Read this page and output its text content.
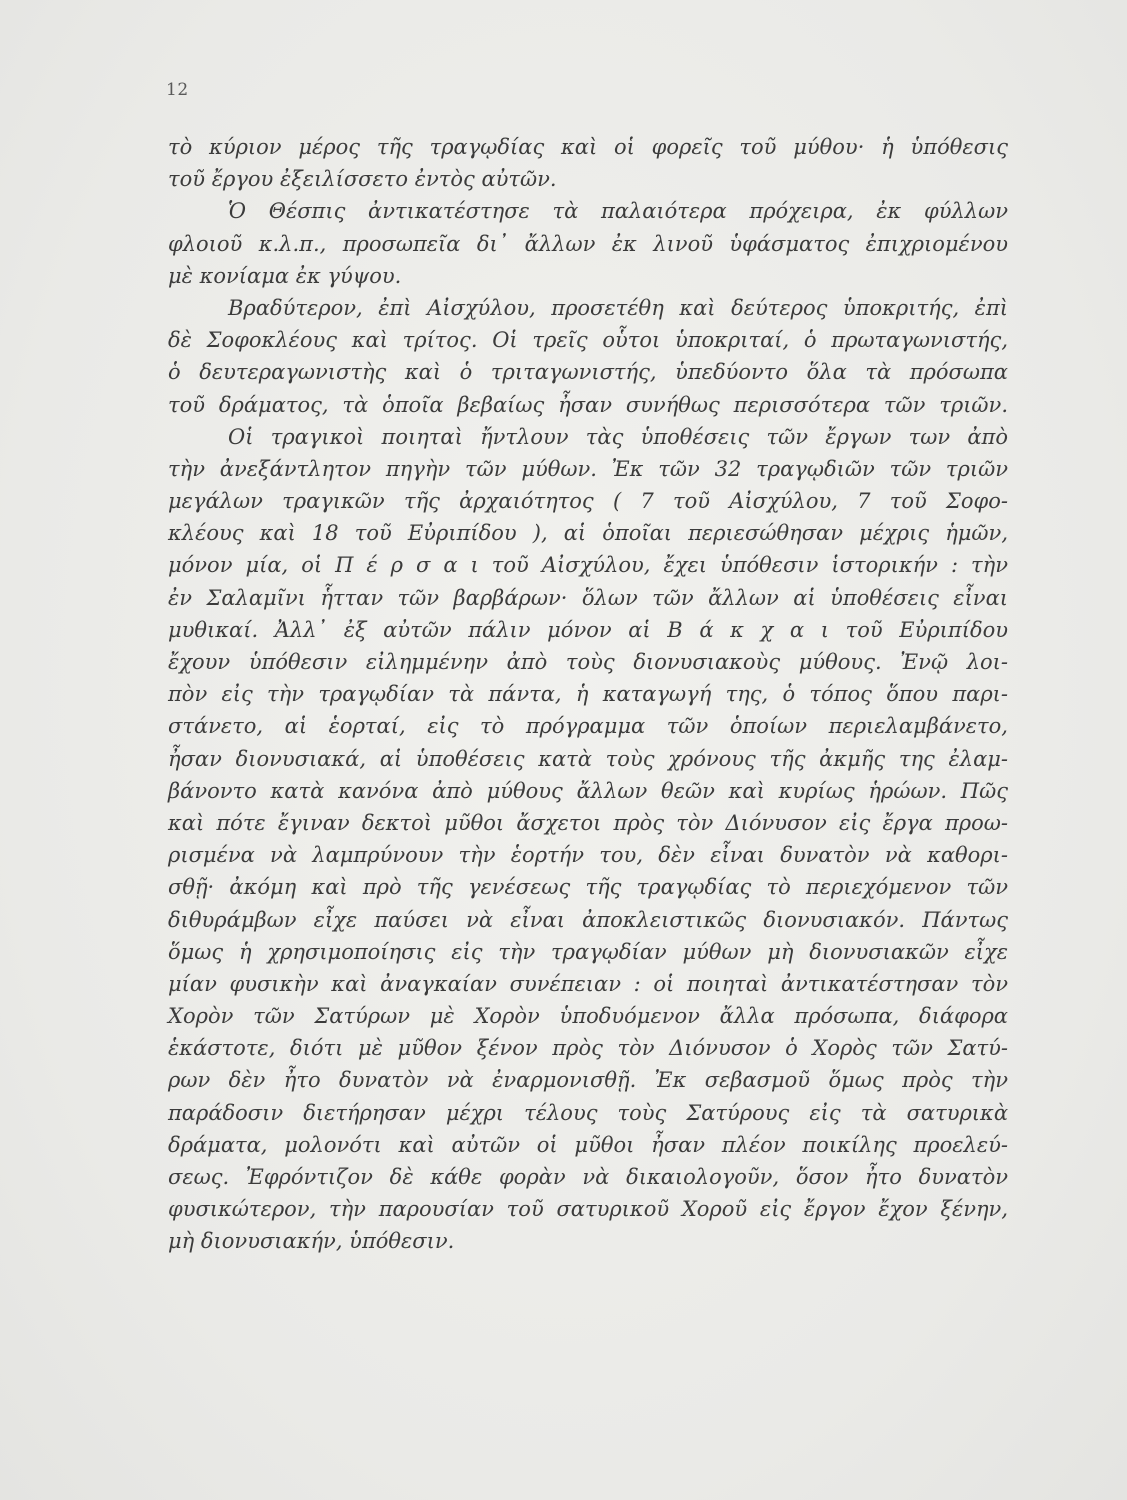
12
τὸ κύριον μέρος τῆς τραγῳδίας καὶ οἱ φορεῖς τοῦ μύθου· ἡ ὑπόθεσις
τοῦ ἔργου ἐξειλίσσετο ἐντὸς αὐτῶν.
Ὁ Θέσπις ἀντικατέστησε τὰ παλαιότερα πρόχειρα, ἐκ φύλλων
φλοιοῦ κ.λ.π., προσωπεῖα δι᾽ ἄλλων ἐκ λινοῦ ὑφάσματος ἐπιχριομένου
μὲ κονίαμα ἐκ γύψου.
Βραδύτερον, ἐπὶ Αἰσχύλου, προσετέθη καὶ δεύτερος ὑποκριτής, ἐπὶ
δὲ Σοφοκλέους καὶ τρίτος. Οἱ τρεῖς οὗτοι ὑποκριταί, ὁ πρωταγωνιστής,
ὁ δευτεραγωνιστὴς καὶ ὁ τριταγωνιστής, ὑπεδύοντο ὅλα τὰ πρόσωπα
τοῦ δράματος, τὰ ὁποῖα βεβαίως ἦσαν συνήθως περισσότερα τῶν τριῶν.
Οἱ τραγικοὶ ποιηταὶ ἤντλουν τὰς ὑποθέσεις τῶν ἔργων των ἀπὸ
τὴν ἀνεξάντλητον πηγὴν τῶν μύθων. Ἐκ τῶν 32 τραγῳδιῶν τῶν τριῶν
μεγάλων τραγικῶν τῆς ἀρχαιότητος ( 7 τοῦ Αἰσχύλου, 7 τοῦ Σοφο-
κλέους καὶ 18 τοῦ Εὐριπίδου ), αἱ ὁποῖαι περιεσώθησαν μέχρις ἡμῶν,
μόνον μία, οἱ Π έ ρ σ α ι τοῦ Αἰσχύλου, ἔχει ὑπόθεσιν ἱστορικήν : τὴν
ἐν Σαλαμῖνι ἧτταν τῶν βαρβάρων· ὅλων τῶν ἄλλων αἱ ὑποθέσεις εἶναι
μυθικαί. Ἀλλ᾽ ἐξ αὐτῶν πάλιν μόνον αἱ Β ά κ χ α ι τοῦ Εὐριπίδου
ἔχουν ὑπόθεσιν εἰλημμένην ἀπὸ τοὺς διονυσιακοὺς μύθους. Ἐνῷ λοι-
πὸν εἰς τὴν τραγῳδίαν τὰ πάντα, ἡ καταγωγή της, ὁ τόπος ὅπου παρι-
στάνετο, αἱ ἑορταί, εἰς τὸ πρόγραμμα τῶν ὁποίων περιελαμβάνετο,
ἦσαν διονυσιακά, αἱ ὑποθέσεις κατὰ τοὺς χρόνους τῆς ἀκμῆς της ἐλαμ-
βάνοντο κατὰ κανόνα ἀπὸ μύθους ἄλλων θεῶν καὶ κυρίως ἡρώων. Πῶς
καὶ πότε ἔγιναν δεκτοὶ μῦθοι ἄσχετοι πρὸς τὸν Διόνυσον εἰς ἔργα προω-
ρισμένα νὰ λαμπρύνουν τὴν ἑορτήν του, δὲν εἶναι δυνατὸν νὰ καθορι-
σθῇ· ἀκόμη καὶ πρὸ τῆς γενέσεως τῆς τραγῳδίας τὸ περιεχόμενον τῶν
διθυράμβων εἶχε παύσει νὰ εἶναι ἀποκλειστικῶς διονυσιακόν. Πάντως
ὅμως ἡ χρησιμοποίησις εἰς τὴν τραγῳδίαν μύθων μὴ διονυσιακῶν εἶχε
μίαν φυσικὴν καὶ ἀναγκαίαν συνέπειαν : οἱ ποιηταὶ ἀντικατέστησαν τὸν
Χορὸν τῶν Σατύρων μὲ Χορὸν ὑποδυόμενον ἄλλα πρόσωπα, διάφορα
ἑκάστοτε, διότι μὲ μῦθον ξένον πρὸς τὸν Διόνυσον ὁ Χορὸς τῶν Σατύ-
ρων δὲν ἦτο δυνατὸν νὰ ἐναρμονισθῇ. Ἐκ σεβασμοῦ ὅμως πρὸς τὴν
παράδοσιν διετήρησαν μέχρι τέλους τοὺς Σατύρους εἰς τὰ σατυρικὰ
δράματα, μολονότι καὶ αὐτῶν οἱ μῦθοι ἦσαν πλέον ποικίλης προελεύ-
σεως. Ἐφρόντιζον δὲ κάθε φορὰν νὰ δικαιολογοῦν, ὅσον ἦτο δυνατὸν
φυσικώτερον, τὴν παρουσίαν τοῦ σατυρικοῦ Χοροῦ εἰς ἔργον ἔχον ξένην,
μὴ διονυσιακήν, ὑπόθεσιν.
